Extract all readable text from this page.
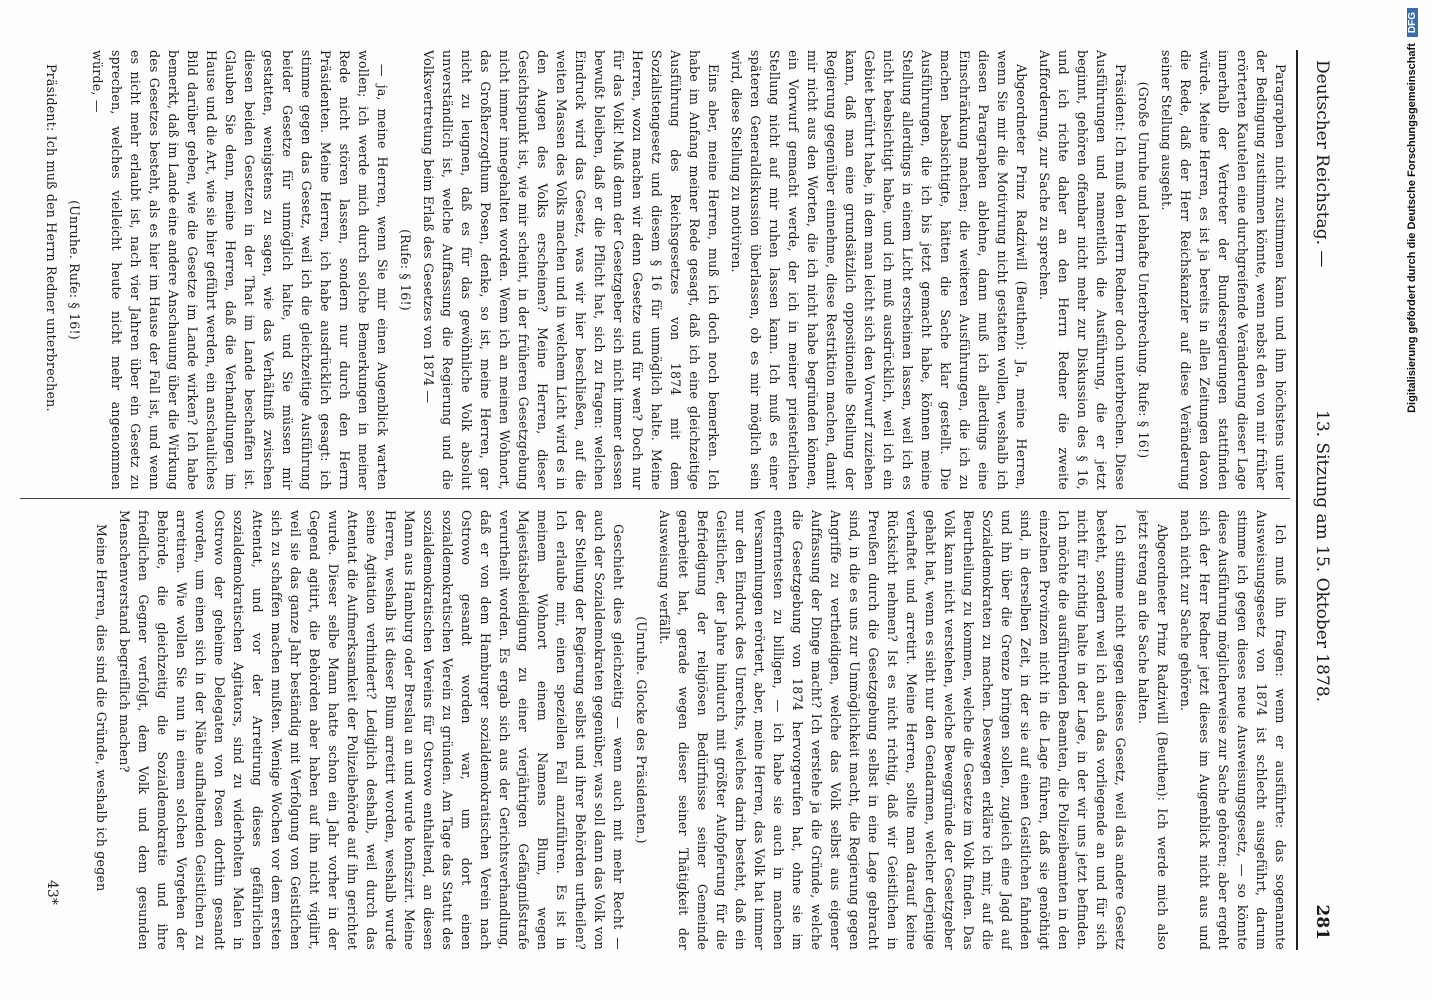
Deutscher Reichstag. —
13. Sitzung am 15. Oktober 1878.
281

Paragraphen nicht zustimmen kann und ihm höchstens unter der Bedingung zustimmen könnte, wenn nebst den von mir früher erörterten Kautelen eine durchgreifende Veränderung dieser Lage innerhalb der Vertreter der Bundesregierungen stattfinden würde. Meine Herren, es ist ja bereits in allen Zeitungen davon die Rede, daß der Herr Reichskanzler auf diese Veränderung seiner Stellung ausgeht.

(Große Unruhe und lebhafte Unterbrechung. Rufe: § 16!)

Präsident: Ich muß den Herrn Redner doch unterbrechen. Diese Ausführungen und namentlich die Ausführung, die er jetzt beginnt, gehören offenbar nicht mehr zur Diskussion des § 16, und ich richte daher an den Herrn Redner die zweite Aufforderung, zur Sache zu sprechen.

Abgeordneter Prinz Radziwill (Beuthen): Ja, meine Herren, wenn Sie mir die Motivirung nicht gestatten wollen, weshalb ich diesen Paragraphen ablehne, dann muß ich allerdings eine Einschränkung machen; die weiteren Ausführungen, die ich zu machen beabsichtigte, hätten die Sache klar gestellt. Die Ausführungen, die ich bis jetzt gemacht habe, können meine Stellung allerdings in einem Licht erscheinen lassen, weil ich es nicht beabsichtigt habe, und ich muß ausdrücklich, weil ich ein Gebiet berührt habe, in dem man leicht sich den Vorwurf zuziehen kann, daß man eine grundsätzlich oppositionelle Stellung der Regierung gegenüber einnehme, diese Restriktion machen, damit mir nicht aus den Worten, die ich nicht habe begründen können, ein Vorwurf gemacht werde, der ich in meiner priesterlichen Stellung nicht auf mir ruhen lassen kann. Ich muß es einer späteren Generaldiskussion überlassen, ob es mir möglich sein wird, diese Stellung zu motiviren.

Eins aber, meine Herren, muß ich doch noch bemerken. Ich habe im Anfang meiner Rede gesagt, daß ich eine gleichzeitige Ausführung des Reichsgesetzes von 1874 mit dem Sozialistengesetz und diesem § 16 für unmöglich halte. Meine Herren, wozu machen wir denn Gesetze und für wen? Doch nur für das Volk! Muß denn der Gesetzgeber sich nicht immer dessen bewußt bleiben, daß er die Pflicht hat, sich zu fragen: welchen Eindruck wird das Gesetz, was wir hier beschließen, auf die weiten Massen des Volks machen und in welchem Licht wird es in den Augen des Volks erscheinen? Meine Herren, dieser Gesichtspunkt ist, wie mir scheint, in der früheren Gesetzgebung nicht immer innegehalten worden. Wenn ich an meinen Wohnort, das Großherzogthum Posen, denke, so ist, meine Herren, gar nicht zu leugnen, daß es für das gewöhnliche Volk absolut unverständlich ist, welche Auffassung die Regierung und die Volksvertretung beim Erlaß des Gesetzes von 1874 —

(Rufe: § 16!)

— ja, meine Herren, wenn Sie mir einen Augenblick warten wollen; ich werde mich durch solche Bemerkungen in meiner Rede nicht stören lassen, sondern nur durch den Herrn Präsidenten. Meine Herren, ich habe ausdrücklich gesagt: ich stimme gegen das Gesetz, weil ich die gleichzeitige Ausführung beider Gesetze für unmöglich halte, und Sie müssen mir gestatten, wenigstens zu sagen, wie das Verhältniß zwischen diesen beiden Gesetzen in der That im Lande beschaffen ist. Glauben Sie denn, meine Herren, daß die Verhandlungen im Hause und die Art, wie sie hier geführt werden, ein anschauliches Bild darüber geben, wie die Gesetze im Lande wirken? Ich habe bemerkt, daß im Lande eine andere Anschauung über die Wirkung des Gesetzes besteht, als es hier im Hause der Fall ist, und wenn es nicht mehr erlaubt ist, nach vier Jahren über ein Gesetz zu sprechen, welches vielleicht heute nicht mehr angenommen würde, —

(Unruhe. Rufe: § 16!)

Präsident: Ich muß den Herrn Redner unterbrechen.

Ich muß ihn fragen: wenn er ausführte: das sogenannte Ausweisungsgesetz von 1874 ist schlecht ausgeführt, darum stimme ich gegen dieses neue Ausweisungsgesetz, — so könnte diese Ausführung möglicherweise zur Sache gehören; aber ergeht sich der Herr Redner jetzt dieses im Augenblick nicht aus und nach nicht zur Sache gehören.

Abgeordneter Prinz Radziwill (Beuthen): Ich werde mich also jetzt streng an die Sache halten.

Ich stimme nicht gegen dieses Gesetz, weil das andere Gesetz besteht, sondern weil ich auch das vorliegende an und für sich nicht für richtig halte in der Lage, in der wir uns jetzt befinden. Ich möchte die ausführenden Beamten, die Polizeibeamten in den einzelnen Provinzen nicht in die Lage führen, daß sie genöthigt sind, in derselben Zeit, in der sie auf einen Geistlichen fahnden und ihn über die Grenze bringen sollen, zugleich eine Jagd auf Sozialdemokraten zu machen. Deswegen erkläre ich mir, auf die Beurtheilung zu kommen, welche die Gesetze im Volk finden. Das Volk kann nicht verstehen, welche Beweggründe der Gesetzgeber gehabt hat, wenn es sieht nur den Gendarmen, welcher derjenige verhaftet und arretirt. Meine Herren, sollte man darauf keine Rücksicht nehmen? Ist es nicht richtig, daß wir Geistlichen in Preußen durch die Gesetzgebung selbst in eine Lage gebracht sind, in die es uns zur Unmöglichkeit macht, die Regierung gegen Angriffe zu vertheidigen, welche das Volk selbst aus eigener Auffassung der Dinge macht? Ich verstehe ja die Gründe, welche die Gesetzgebung von 1874 hervorgerufen hat, ohne sie im entferntesten zu billigen, — ich habe sie auch in manchen Versammlungen erörtert, aber, meine Herren, das Volk hat immer nur den Eindruck des Unrechts, welches darin besteht, daß ein Geistlicher, der Jahre hindurch mit größter Aufopferung für die Befriedigung der religiösen Bedürfnisse seiner Gemeinde gearbeitet hat, gerade wegen dieser seiner Thätigkeit der Ausweisung verfällt.

(Unruhe. Glocke des Präsidenten.)

Geschieht dies gleichzeitig — wenn auch mit mehr Recht — auch der Sozialdemokraten gegenüber, was soll dann das Volk von der Stellung der Regierung selbst und ihrer Behörden urtheilen? Ich erlaube mir, einen speziellen Fall anzuführen. Es ist in meinem Wohnort einem Namens Blum, wegen Majestätsbeleidigung zu einer vierjährigen Gefängnißstrafe verurtheilt worden. Es ergab sich aus der Gerichtsverhandlung, daß er von dem Hamburger sozialdemokratischen Verein nach Ostrowo gesandt worden war, um dort einen sozialdemokratischen Verein zu gründen. Am Tage das Statut des sozialdemokratischen Vereins für Ostrowo enthaltend, an diesen Mann aus Hamburg oder Breslau an und wurde konfiszirt. Meine Herren, weshalb ist dieser Blum arretirt worden, weshalb wurde seine Agitation verhindert? Lediglich deshalb, weil durch das Attentat die Aufmerksamkeit der Polizeibehörde auf ihn gerichtet wurde. Dieser selbe Mann hatte schon ein Jahr vorher in der Gegend agitirt, die Behörden aber haben auf ihn nicht vigilirt, weil sie das ganze Jahr beständig mit Verfolgung von Geistlichen sich zu schaffen machen mußten. Wenige Wochen vor dem ersten Attentat, und vor der Arretirung dieses gefährlichen sozialdemokratischen Agitators, sind zu widerholten Malen in Ostrowo der geheime Delegaten von Posen dorthin gesandt worden, um einen sich in der Nähe aufhaltenden Geistlichen zu arretiren. Wie wollen Sie nun in einem solchen Vorgehen der Behörde, die gleichzeitig die Sozialdemokratie und ihre friedlichen Gegner verfolgt, dem Volk und dem gesunden Menschenverstand begreiflich machen?

Meine Herren, dies sind die Gründe, weshalb ich gegen

43*
Digitalisierung gefördert durch die Deutsche ForschungsgemeinschaftDFG
